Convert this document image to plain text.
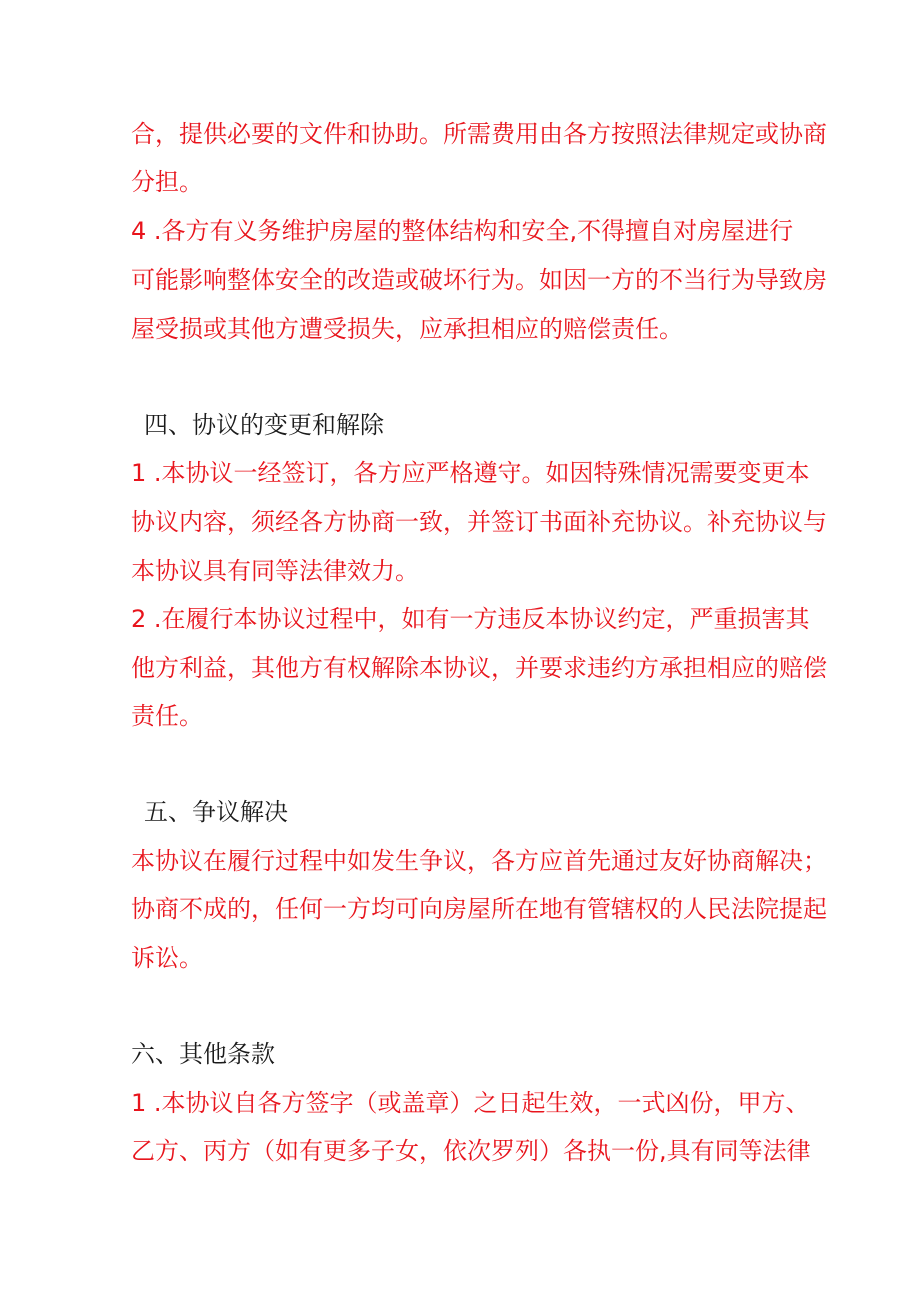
合，提供必要的文件和协助。所需费用由各方按照法律规定或协商
分担。
4 .各方有义务维护房屋的整体结构和安全,不得擅自对房屋进行
可能影响整体安全的改造或破坏行为。如因一方的不当行为导致房
屋受损或其他方遭受损失，应承担相应的赔偿责任。
四、协议的变更和解除
1 .本协议一经签订，各方应严格遵守。如因特殊情况需要变更本
协议内容，须经各方协商一致，并签订书面补充协议。补充协议与
本协议具有同等法律效力。
2 .在履行本协议过程中，如有一方违反本协议约定，严重损害其
他方利益，其他方有权解除本协议，并要求违约方承担相应的赔偿
责任。
五、争议解决
本协议在履行过程中如发生争议，各方应首先通过友好协商解决；
协商不成的，任何一方均可向房屋所在地有管辖权的人民法院提起
诉讼。
六、其他条款
1 .本协议自各方签字（或盖章）之日起生效，一式凶份，甲方、
乙方、丙方（如有更多子女，依次罗列）各执一份,具有同等法律
